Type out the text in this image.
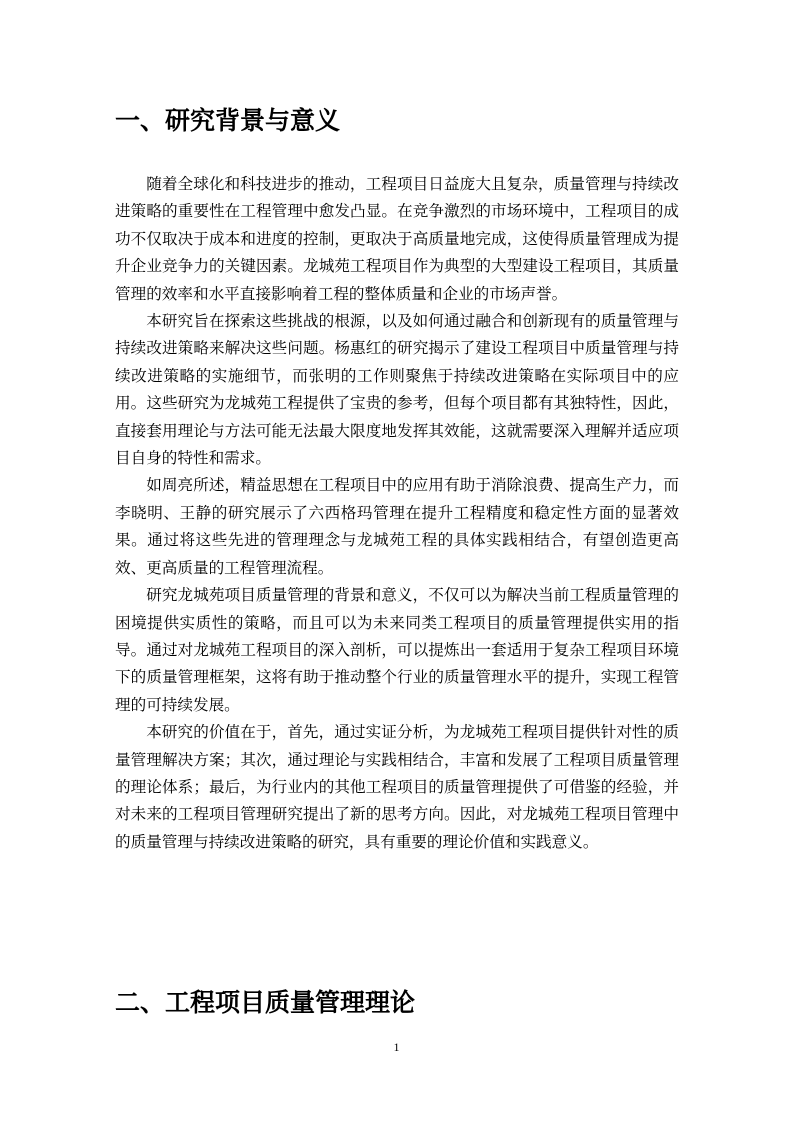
一、研究背景与意义

随着全球化和科技进步的推动，工程项目日益庞大且复杂，质量管理与持续改进策略的重要性在工程管理中愈发凸显。在竞争激烈的市场环境中，工程项目的成功不仅取决于成本和进度的控制，更取决于高质量地完成，这使得质量管理成为提升企业竞争力的关键因素。龙城苑工程项目作为典型的大型建设工程项目，其质量管理的效率和水平直接影响着工程的整体质量和企业的市场声誉。

本研究旨在探索这些挑战的根源，以及如何通过融合和创新现有的质量管理与持续改进策略来解决这些问题。杨惠红的研究揭示了建设工程项目中质量管理与持续改进策略的实施细节，而张明的工作则聚焦于持续改进策略在实际项目中的应用。这些研究为龙城苑工程提供了宝贵的参考，但每个项目都有其独特性，因此，直接套用理论与方法可能无法最大限度地发挥其效能，这就需要深入理解并适应项目自身的特性和需求。

如周亮所述，精益思想在工程项目中的应用有助于消除浪费、提高生产力，而李晓明、王静的研究展示了六西格玛管理在提升工程精度和稳定性方面的显著效果。通过将这些先进的管理理念与龙城苑工程的具体实践相结合，有望创造更高效、更高质量的工程管理流程。

研究龙城苑项目质量管理的背景和意义，不仅可以为解决当前工程质量管理的困境提供实质性的策略，而且可以为未来同类工程项目的质量管理提供实用的指导。通过对龙城苑工程项目的深入剖析，可以提炼出一套适用于复杂工程项目环境下的质量管理框架，这将有助于推动整个行业的质量管理水平的提升，实现工程管理的可持续发展。

本研究的价值在于，首先，通过实证分析，为龙城苑工程项目提供针对性的质量管理解决方案；其次，通过理论与实践相结合，丰富和发展了工程项目质量管理的理论体系；最后，为行业内的其他工程项目的质量管理提供了可借鉴的经验，并对未来的工程项目管理研究提出了新的思考方向。因此，对龙城苑工程项目管理中的质量管理与持续改进策略的研究，具有重要的理论价值和实践意义。

二、工程项目质量管理理论
1
